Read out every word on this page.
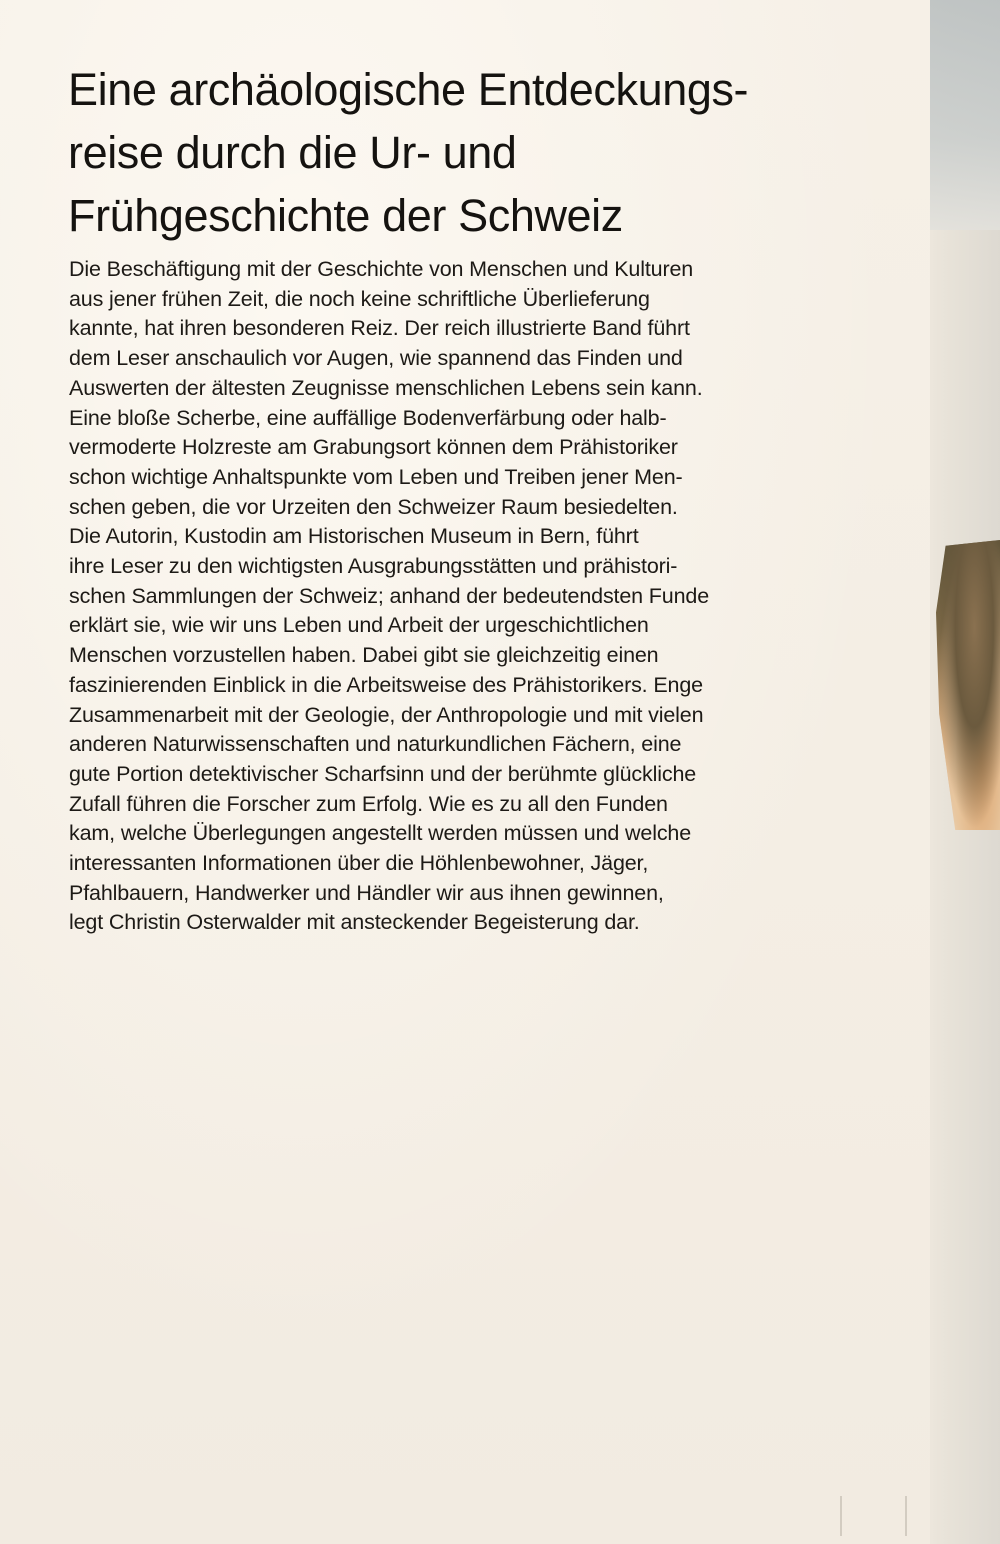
Eine archäologische Entdeckungs-
reise durch die Ur- und
Frühgeschichte der Schweiz

Die Beschäftigung mit der Geschichte von Menschen und Kulturen
aus jener frühen Zeit, die noch keine schriftliche Überlieferung
kannte, hat ihren besonderen Reiz. Der reich illustrierte Band führt
dem Leser anschaulich vor Augen, wie spannend das Finden und
Auswerten der ältesten Zeugnisse menschlichen Lebens sein kann.
Eine bloße Scherbe, eine auffällige Bodenverfärbung oder halb-
vermoderte Holzreste am Grabungsort können dem Prähistoriker
schon wichtige Anhaltspunkte vom Leben und Treiben jener Men-
schen geben, die vor Urzeiten den Schweizer Raum besiedelten.
Die Autorin, Kustodin am Historischen Museum in Bern, führt
ihre Leser zu den wichtigsten Ausgrabungsstätten und prähistori-
schen Sammlungen der Schweiz; anhand der bedeutendsten Funde
erklärt sie, wie wir uns Leben und Arbeit der urgeschichtlichen
Menschen vorzustellen haben. Dabei gibt sie gleichzeitig einen
faszinierenden Einblick in die Arbeitsweise des Prähistorikers. Enge
Zusammenarbeit mit der Geologie, der Anthropologie und mit vielen
anderen Naturwissenschaften und naturkundlichen Fächern, eine
gute Portion detektivischer Scharfsinn und der berühmte glückliche
Zufall führen die Forscher zum Erfolg. Wie es zu all den Funden
kam, welche Überlegungen angestellt werden müssen und welche
interessanten Informationen über die Höhlenbewohner, Jäger,
Pfahlbauern, Handwerker und Händler wir aus ihnen gewinnen,
legt Christin Osterwalder mit ansteckender Begeisterung dar.
